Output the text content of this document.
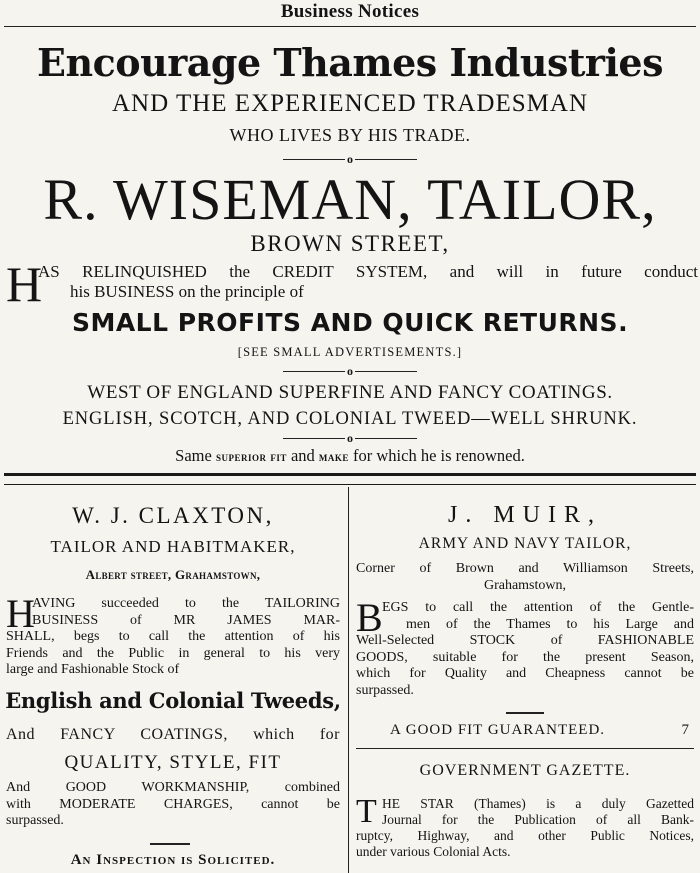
Business Notices
Encourage Thames Industries
AND THE EXPERIENCED TRADESMAN
WHO LIVES BY HIS TRADE.
o
R. WISEMAN, TAILOR,
BROWN STREET,
H
AS RELINQUISHED the CREDIT SYSTEM, and will in future conduct
his BUSINESS on the principle of
SMALL PROFITS AND QUICK RETURNS.
[SEE SMALL ADVERTISEMENTS.]
o
WEST OF ENGLAND SUPERFINE AND FANCY COATINGS.
ENGLISH, SCOTCH, AND COLONIAL TWEED—WELL SHRUNK.
o
Same superior fit and make for which he is renowned.
W. J. CLAXTON,
TAILOR AND HABITMAKER,
Albert street, Grahamstown,
H
AVING succeeded to the TAILORING
BUSINESS of MR JAMES MAR-
SHALL, begs to call the attention of his
Friends and the Public in general to his very
large and Fashionable Stock of
English and Colonial Tweeds,
And FANCY COATINGS, which for
QUALITY, STYLE, FIT
And GOOD WORKMANSHIP, combined
with MODERATE CHARGES, cannot be
surpassed.
An Inspection is Solicited.
J. MUIR,
ARMY AND NAVY TAILOR,
Corner of Brown and Williamson Streets,
Grahamstown,
B EGS to call the attention of the Gentle-
men of the Thames to his Large and
Well-Selected STOCK of FASHIONABLE
GOODS, suitable for the present Season,
which for Quality and Cheapness cannot be
surpassed.
A GOOD FIT GUARANTEED.	7
GOVERNMENT GAZETTE.
T HE STAR (Thames) is a duly Gazetted
Journal for the Publication of all Bank-
ruptcy, Highway, and other Public Notices,
under various Colonial Acts.
